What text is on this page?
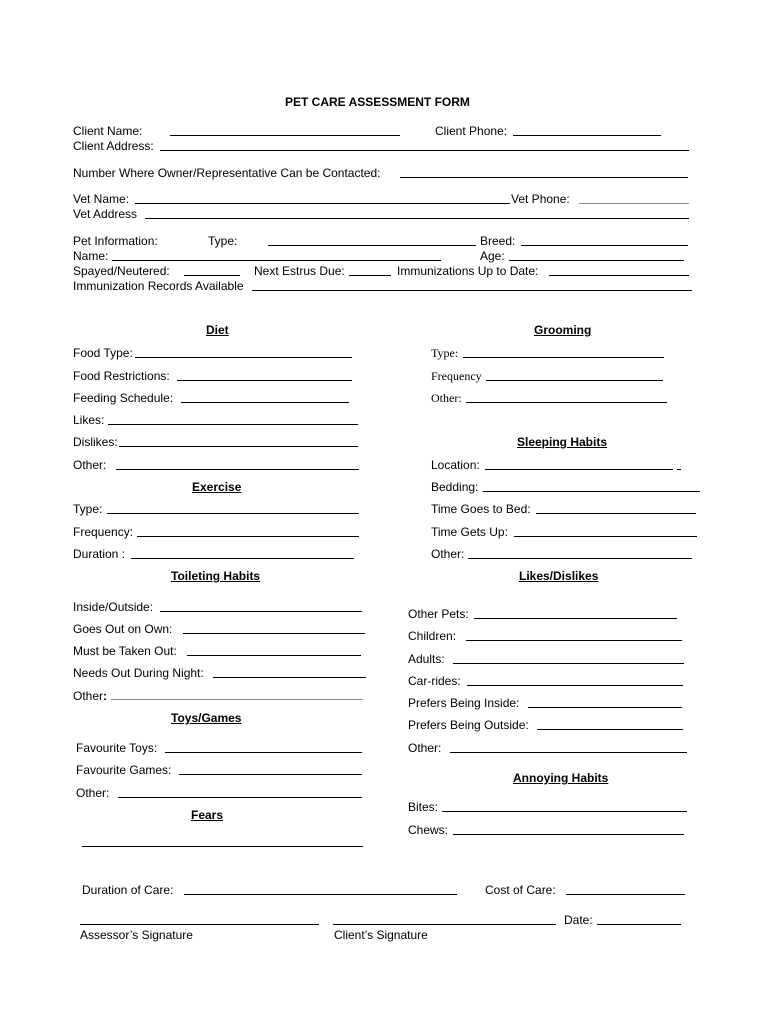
PET CARE ASSESSMENT FORM
Client Name:	Client Phone:
Client Address:
Number Where Owner/Representative Can be Contacted:
Vet Name:	Vet Phone:
Vet Address
Pet Information:	Type:	Breed:
Name:	Age:
Spayed/Neutered:	Next Estrus Due:	Immunizations Up to Date:
Immunization Records Available
Diet
Food Type:
Food Restrictions:
Feeding Schedule:
Likes:
Dislikes:
Other:
Grooming
Type:
Frequency
Other:
Sleeping Habits
Location:
Bedding:
Time Goes to Bed:
Time Gets Up:
Other:
Exercise
Type:
Frequency:
Duration :
Toileting Habits
Inside/Outside:
Goes Out on Own:
Must be Taken Out:
Needs Out During Night:
Other:
Likes/Dislikes
Other Pets:
Children:
Adults:
Car-rides:
Prefers Being Inside:
Prefers Being Outside:
Other:
Toys/Games
Favourite Toys:
Favourite Games:
Other:
Annoying Habits
Bites:
Chews:
Fears
Duration of Care:	Cost of Care:
Date:
Assessor’s Signature	Client’s Signature
